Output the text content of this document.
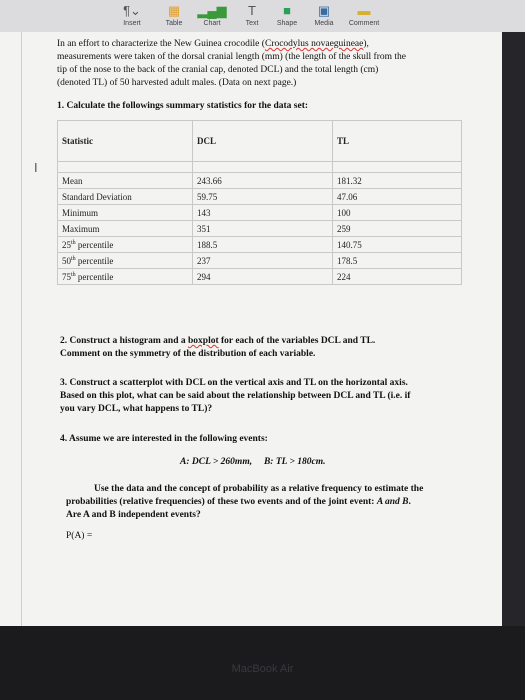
¶⌄
Insert
▦
Table
▂▄▆
Chart
T
Text
■
Shape
▣
Media
▬
Comment
In an effort to characterize the New Guinea crocodile (Crocodylus novaeguineae),
measurements were taken of the dorsal cranial length (mm) (the length of the skull from the
tip of the nose to the back of the cranial cap, denoted DCL) and the total length (cm)
(denoted TL) of 50 harvested adult males. (Data on next page.)
1. Calculate the followings summary statistics for the data set:
Statistic	DCL	TL

Mean	243.66	181.32
Standard Deviation	59.75	47.06
Minimum	143	100
Maximum	351	259
25th percentile	188.5	140.75
50th percentile	237	178.5
75th percentile	294	224
I
2. Construct a histogram and a boxplot for each of the variables DCL and TL.
Comment on the symmetry of the distribution of each variable.
3. Construct a scatterplot with DCL on the vertical axis and TL on the horizontal axis.
Based on this plot, what can be said about the relationship between DCL and TL (i.e. if
you vary DCL, what happens to TL)?
4. Assume we are interested in the following events:
A: DCL > 260mm, B: TL > 180cm.
Use the data and the concept of probability as a relative frequency to estimate the
probabilities (relative frequencies) of these two events and of the joint event: A and B.
Are A and B independent events?
P(A) =
MacBook Air
